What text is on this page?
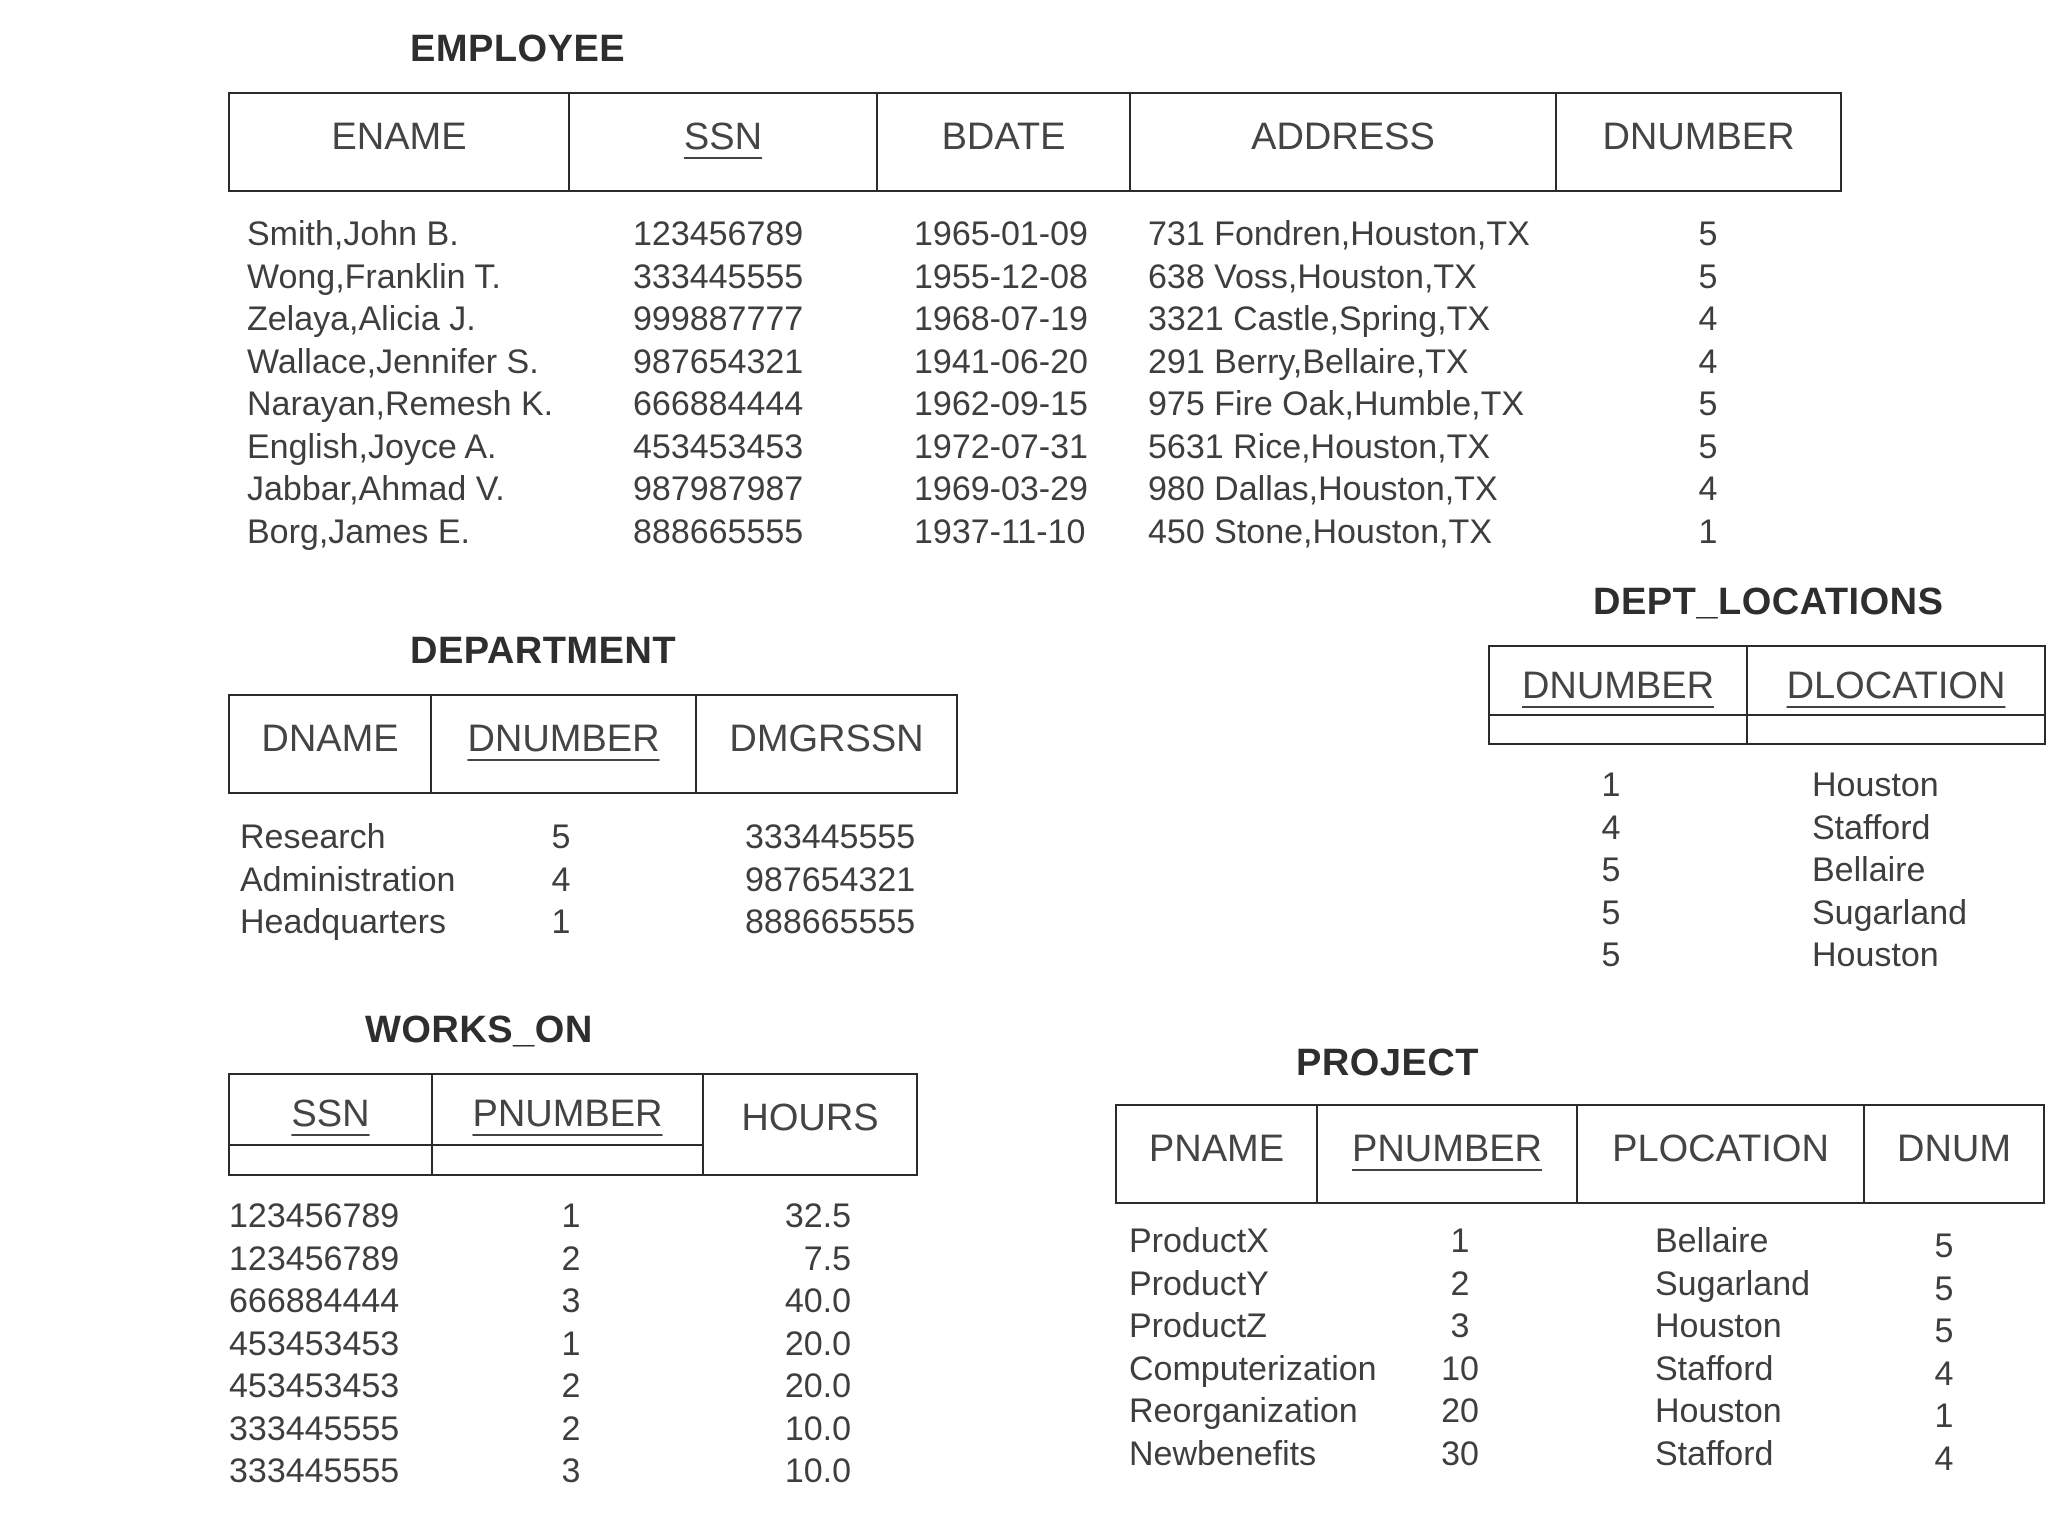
EMPLOYEE
ENAME	SSN	BDATE	ADDRESS	DNUMBER
Smith,John B.	123456789	1965-01-09 731 Fondren,Houston,TX	5
Wong,Franklin T.	333445555	1955-12-08 638 Voss,Houston,TX	5
Zelaya,Alicia J.	999887777	1968-07-19 3321 Castle,Spring,TX	4
Wallace,Jennifer S.	987654321	1941-06-20 291 Berry,Bellaire,TX	4
Narayan,Remesh K. 666884444	1962-09-15 975 Fire Oak,Humble,TX	5
English,Joyce A.	453453453	1972-07-31 5631 Rice,Houston,TX	5
Jabbar,Ahmad V.	987987987	1969-03-29 980 Dallas,Houston,TX	4
Borg,James E.	888665555	1937-11-10 450 Stone,Houston,TX	1
DEPARTMENT
DNAME	DNUMBER	DMGRSSN
Research	5	333445555
Administration	4	987654321
Headquarters	1	888665555
DEPT_LOCATIONS
DNUMBER	DLOCATION
1	Houston
4	Stafford
5	Bellaire
5	Sugarland
5	Houston
WORKS_ON
SSN	PNUMBER	HOURS
123456789	1	32.5
123456789	2	7.5
666884444	3	40.0
453453453	1	20.0
453453453	2	20.0
333445555	2	10.0
333445555	3	10.0
PROJECT
PNAME	PNUMBER	PLOCATION	DNUM
ProductX	1	Bellaire	5
ProductY	2	Sugarland	5
ProductZ	3	Houston	5
Computerization 10	Stafford	4
Reorganization 20	Houston	1
Newbenefits	30	Stafford	4
